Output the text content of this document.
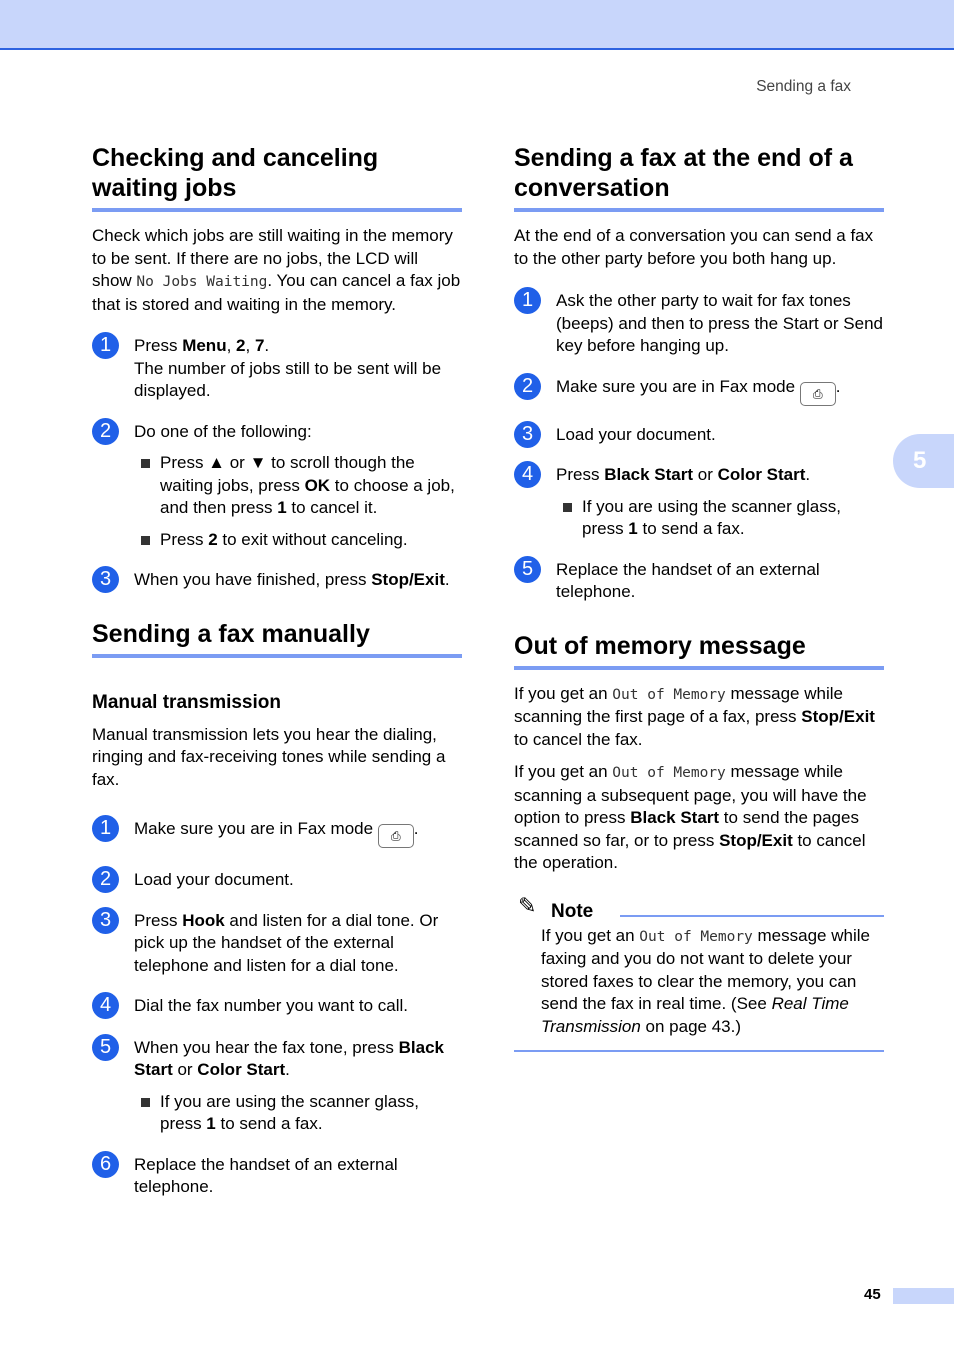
Sending a fax
5
Checking and canceling waiting jobs

Check which jobs are still waiting in the memory to be sent. If there are no jobs, the LCD will show No Jobs Waiting. You can cancel a fax job that is stored and waiting in the memory.

1	Press Menu, 2, 7.
The number of jobs still to be sent will be displayed.
2	Do one of the following:
Press ▲ or ▼ to scroll though the waiting jobs, press OK to choose a job, and then press 1 to cancel it.
Press 2 to exit without canceling.
3	When you have finished, press Stop/Exit.
Sending a fax manually
Manual transmission

Manual transmission lets you hear the dialing, ringing and fax-receiving tones while sending a fax.

1	Make sure you are in Fax mode ⎙ .
2	Load your document.
3	Press Hook and listen for a dial tone. Or pick up the handset of the external telephone and listen for a dial tone.
4	Dial the fax number you want to call.
5	When you hear the fax tone, press Black Start or Color Start.
If you are using the scanner glass, press 1 to send a fax.
6	Replace the handset of an external telephone.
Sending a fax at the end of a conversation

At the end of a conversation you can send a fax to the other party before you both hang up.

1	Ask the other party to wait for fax tones (beeps) and then to press the Start or Send key before hanging up.
2	Make sure you are in Fax mode ⎙ .
3	Load your document.
4	Press Black Start or Color Start.
If you are using the scanner glass, press 1 to send a fax.
5	Replace the handset of an external telephone.
Out of memory message

If you get an Out of Memory message while scanning the first page of a fax, press Stop/Exit to cancel the fax.

If you get an Out of Memory message while scanning a subsequent page, you will have the option to press Black Start to send the pages scanned so far, or to press Stop/Exit to cancel the operation.

✎ Note

If you get an Out of Memory message while faxing and you do not want to delete your stored faxes to clear the memory, you can send the fax in real time. (See Real Time Transmission on page 43.)

45
